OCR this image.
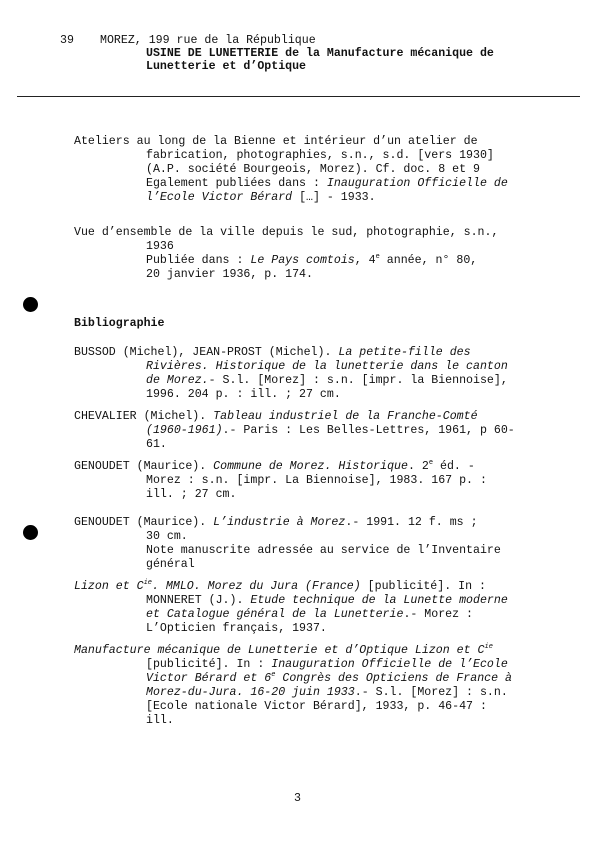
39 MOREZ, 199 rue de la République
USINE DE LUNETTERIE de la Manufacture mécanique de
Lunetterie et d’Optique
Ateliers au long de la Bienne et intérieur d’un atelier de
fabrication, photographies, s.n., s.d. [vers 1930]
(A.P. société Bourgeois, Morez). Cf. doc. 8 et 9
Egalement publiées dans : Inauguration Officielle de
l’Ecole Victor Bérard […] - 1933.
Vue d’ensemble de la ville depuis le sud, photographie, s.n.,
1936
Publiée dans : Le Pays comtois, 4e année, n° 80,
20 janvier 1936, p. 174.
Bibliographie
BUSSOD (Michel), JEAN-PROST (Michel). La petite-fille des
Rivières. Historique de la lunetterie dans le canton
de Morez.- S.l. [Morez] : s.n. [impr. la Biennoise],
1996. 204 p. : ill. ; 27 cm.
CHEVALIER (Michel). Tableau industriel de la Franche-Comté
(1960-1961).- Paris : Les Belles-Lettres, 1961, p 60-
61.
GENOUDET (Maurice). Commune de Morez. Historique. 2e éd. -
Morez : s.n. [impr. La Biennoise], 1983. 167 p. :
ill. ; 27 cm.
GENOUDET (Maurice). L’industrie à Morez.- 1991. 12 f. ms ;
30 cm.
Note manuscrite adressée au service de l’Inventaire
général
Lizon et $C^{ie}$. MMLO. Morez du Jura (France) [publicité]. In :
MONNERET (J.). Etude technique de la Lunette moderne
et Catalogue général de la Lunetterie.- Morez :
L’Opticien français, 1937.
Manufacture mécanique de Lunetterie et d’Optique Lizon et $C^{ie}$
[publicité]. In : Inauguration Officielle de l’Ecole
Victor Bérard et 6e Congrès des Opticiens de France à
Morez-du-Jura. 16-20 juin 1933.- S.l. [Morez] : s.n.
[Ecole nationale Victor Bérard], 1933, p. 46-47 :
ill.
3
